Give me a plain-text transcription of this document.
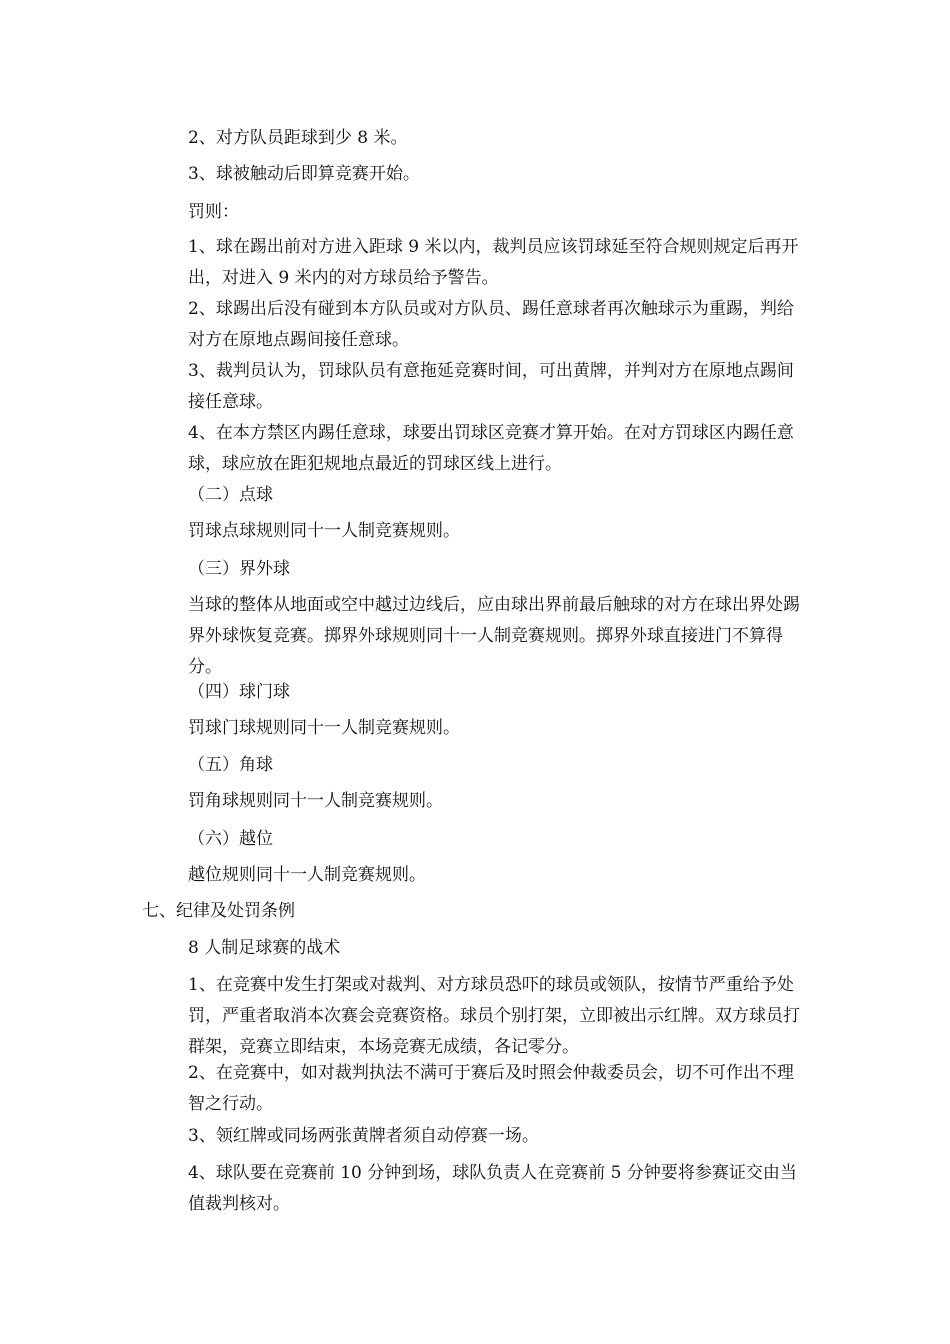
2、对方队员距球到少 8 米。

3、球被触动后即算竞赛开始。

罚则：

1、球在踢出前对方进入距球 9 米以内，裁判员应该罚球延至符合规则规定后再开出，对进入 9 米内的对方球员给予警告。

2、球踢出后没有碰到本方队员或对方队员、踢任意球者再次触球示为重踢，判给对方在原地点踢间接任意球。

3、裁判员认为，罚球队员有意拖延竞赛时间，可出黄牌，并判对方在原地点踢间接任意球。

4、在本方禁区内踢任意球，球要出罚球区竞赛才算开始。在对方罚球区内踢任意球，球应放在距犯规地点最近的罚球区线上进行。

（二）点球

罚球点球规则同十一人制竞赛规则。

（三）界外球

当球的整体从地面或空中越过边线后，应由球出界前最后触球的对方在球出界处踢界外球恢复竞赛。掷界外球规则同十一人制竞赛规则。掷界外球直接进门不算得分。

（四）球门球

罚球门球规则同十一人制竞赛规则。

（五）角球

罚角球规则同十一人制竞赛规则。

（六）越位

越位规则同十一人制竞赛规则。

七、纪律及处罚条例

8 人制足球赛的战术

1、在竞赛中发生打架或对裁判、对方球员恐吓的球员或领队，按情节严重给予处罚，严重者取消本次赛会竞赛资格。球员个别打架，立即被出示红牌。双方球员打群架，竞赛立即结束，本场竞赛无成绩，各记零分。

2、在竞赛中，如对裁判执法不满可于赛后及时照会仲裁委员会，切不可作出不理智之行动。

3、领红牌或同场两张黄牌者须自动停赛一场。

4、球队要在竞赛前 10 分钟到场，球队负责人在竞赛前 5 分钟要将参赛证交由当值裁判核对。
